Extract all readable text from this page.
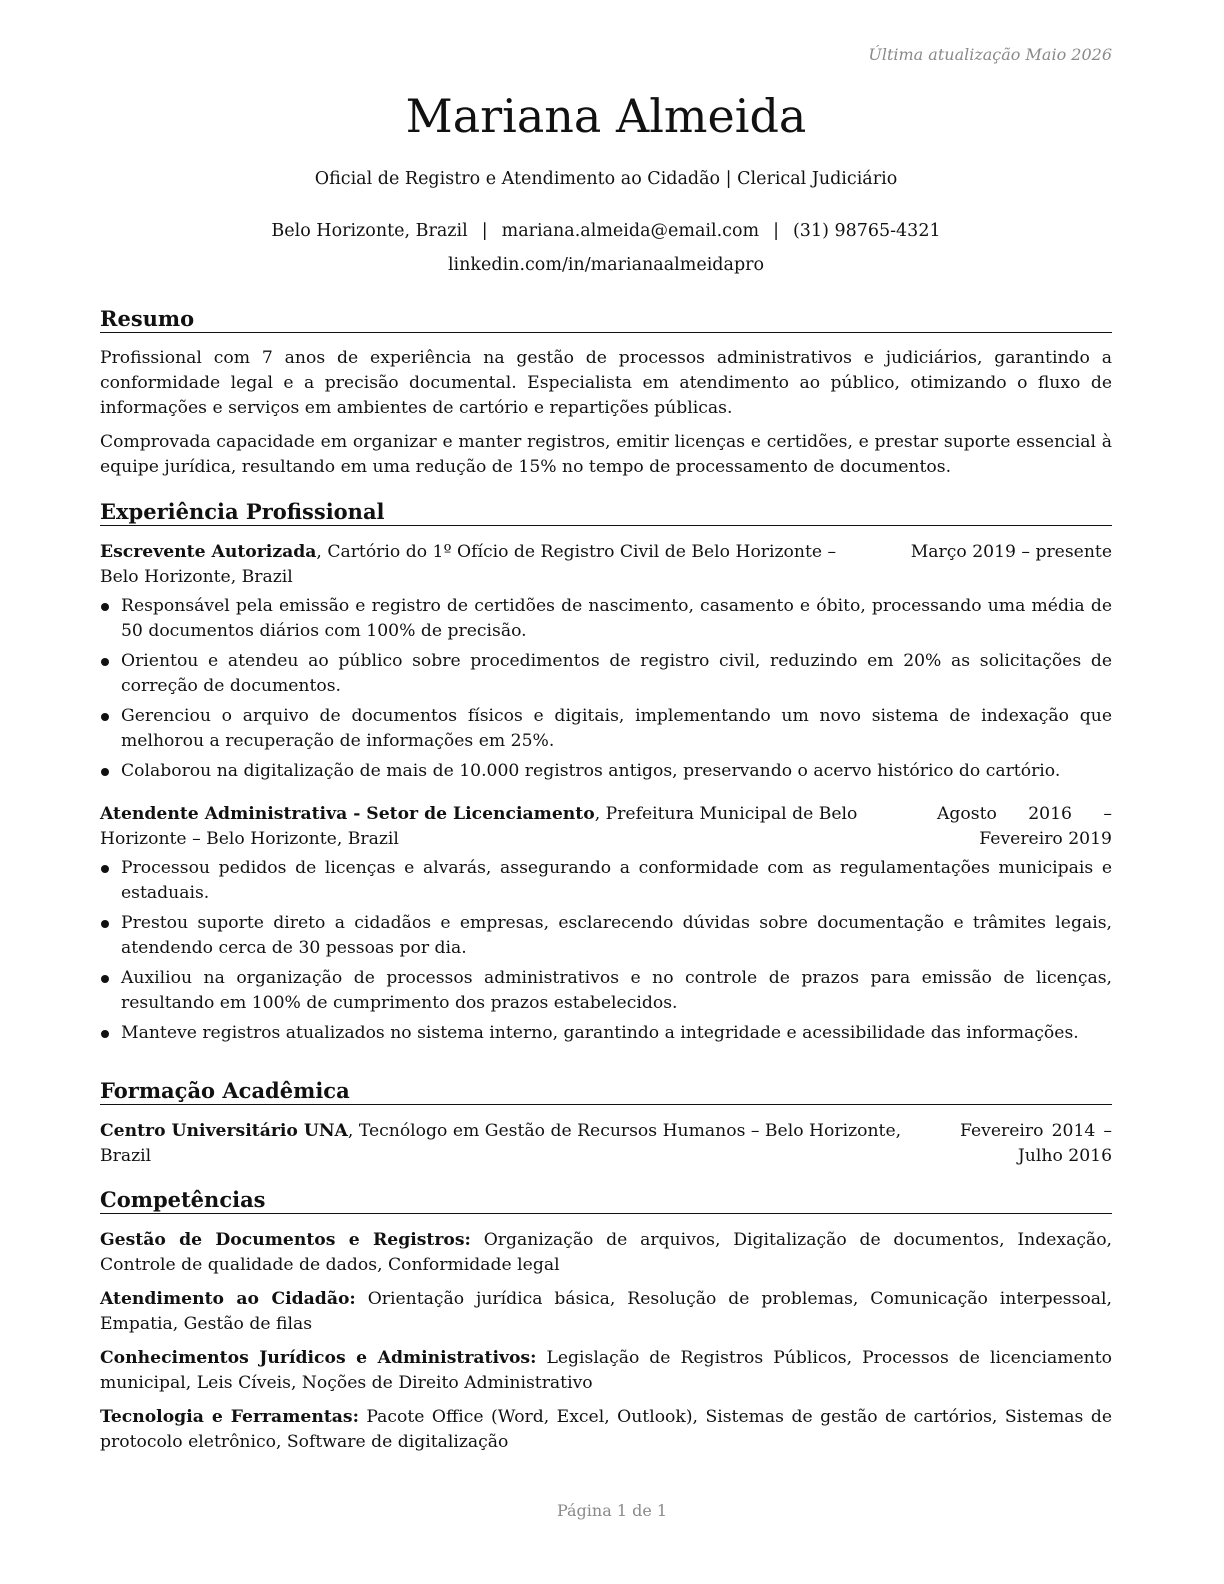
Última atualização Maio 2026
Mariana Almeida
Oficial de Registro e Atendimento ao Cidadão | Clerical Judiciário
Belo Horizonte, Brazil | mariana.almeida@email.com | (31) 98765-4321
linkedin.com/in/marianaalmeidapro
Resumo

Profissional com 7 anos de experiência na gestão de processos administrativos e judiciários, garantindo a conformidade legal e a precisão documental. Especialista em atendimento ao público, otimizando o fluxo de informações e serviços em ambientes de cartório e repartições públicas.

Comprovada capacidade em organizar e manter registros, emitir licenças e certidões, e prestar suporte essencial à equipe jurídica, resultando em uma redução de 15% no tempo de processamento de documentos.

Experiência Profissional
Escrevente Autorizada, Cartório do 1º Ofício de Registro Civil de Belo Horizonte – Belo Horizonte, Brazil
Março 2019 – presente
Responsável pela emissão e registro de certidões de nascimento, casamento e óbito, processando uma média de 50 documentos diários com 100% de precisão.
Orientou e atendeu ao público sobre procedimentos de registro civil, reduzindo em 20% as solicitações de correção de documentos.
Gerenciou o arquivo de documentos físicos e digitais, implementando um novo sistema de indexação que melhorou a recuperação de informações em 25%.
Colaborou na digitalização de mais de 10.000 registros antigos, preservando o acervo histórico do cartório.
Atendente Administrativa - Setor de Licenciamento, Prefeitura Municipal de Belo Horizonte – Belo Horizonte, Brazil
Agosto 2016 – Fevereiro 2019
Processou pedidos de licenças e alvarás, assegurando a conformidade com as regulamentações municipais e estaduais.
Prestou suporte direto a cidadãos e empresas, esclarecendo dúvidas sobre documentação e trâmites legais, atendendo cerca de 30 pessoas por dia.
Auxiliou na organização de processos administrativos e no controle de prazos para emissão de licenças, resultando em 100% de cumprimento dos prazos estabelecidos.
Manteve registros atualizados no sistema interno, garantindo a integridade e acessibilidade das informações.
Formação Acadêmica
Centro Universitário UNA, Tecnólogo em Gestão de Recursos Humanos – Belo Horizonte, Brazil
Fevereiro 2014 – Julho 2016
Competências

Gestão de Documentos e Registros: Organização de arquivos, Digitalização de documentos, Indexação, Controle de qualidade de dados, Conformidade legal

Atendimento ao Cidadão: Orientação jurídica básica, Resolução de problemas, Comunicação interpessoal, Empatia, Gestão de filas

Conhecimentos Jurídicos e Administrativos: Legislação de Registros Públicos, Processos de licenciamento municipal, Leis Cíveis, Noções de Direito Administrativo

Tecnologia e Ferramentas: Pacote Office (Word, Excel, Outlook), Sistemas de gestão de cartórios, Sistemas de protocolo eletrônico, Software de digitalização

Página 1 de 1
